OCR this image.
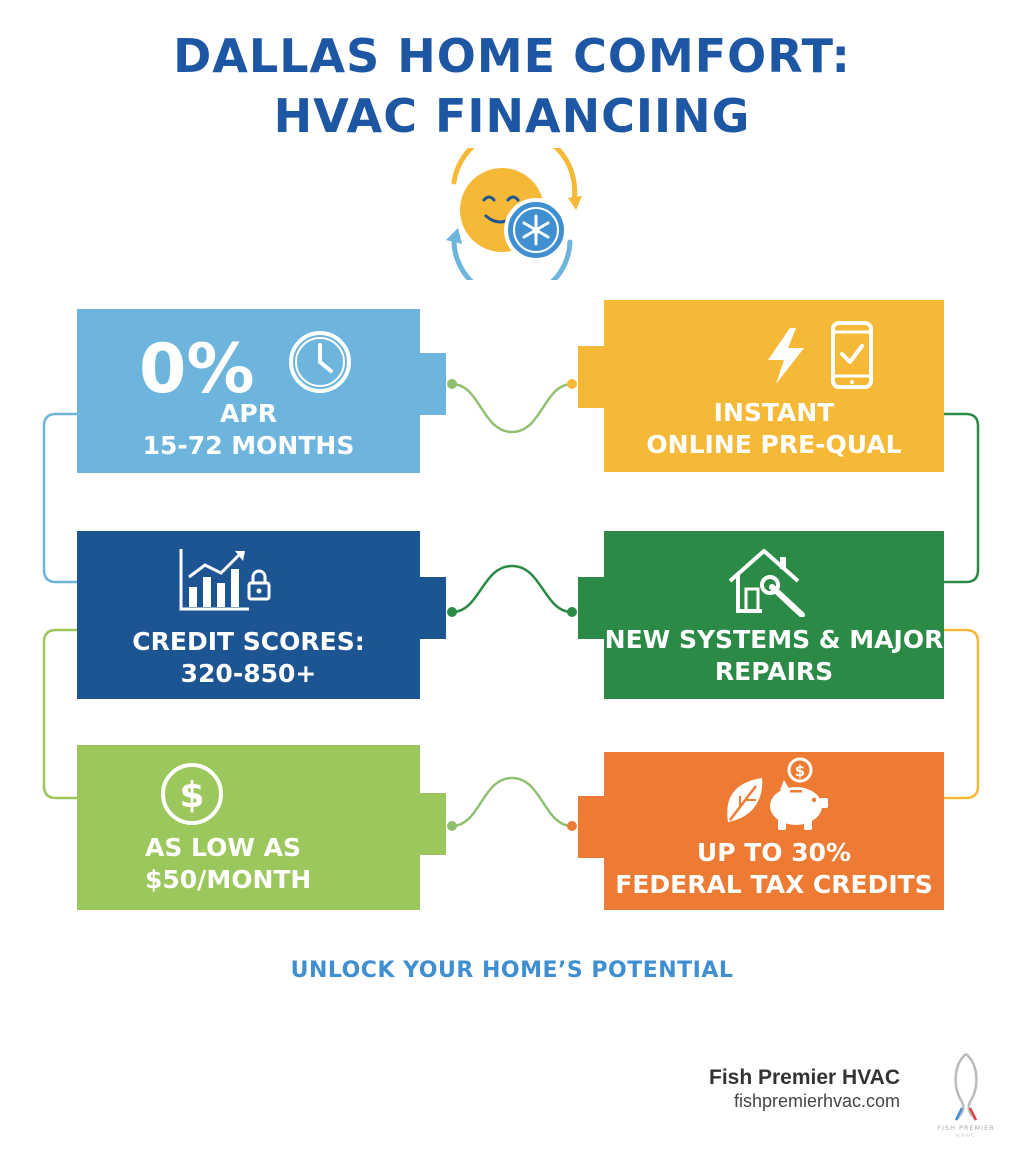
DALLAS HOME COMFORT:
HVAC FINANCIING
0%
APR
15-72 MONTHS
INSTANT
ONLINE PRE-QUAL
CREDIT SCORES:
320-850+
NEW SYSTEMS & MAJOR
REPAIRS
$
AS LOW AS
$50/MONTH
$
UP TO 30%
FEDERAL TAX CREDITS
UNLOCK YOUR HOME’S POTENTIAL
Fish Premier HVAC
fishpremierhvac.com
FISH PREMIER
HVAC
